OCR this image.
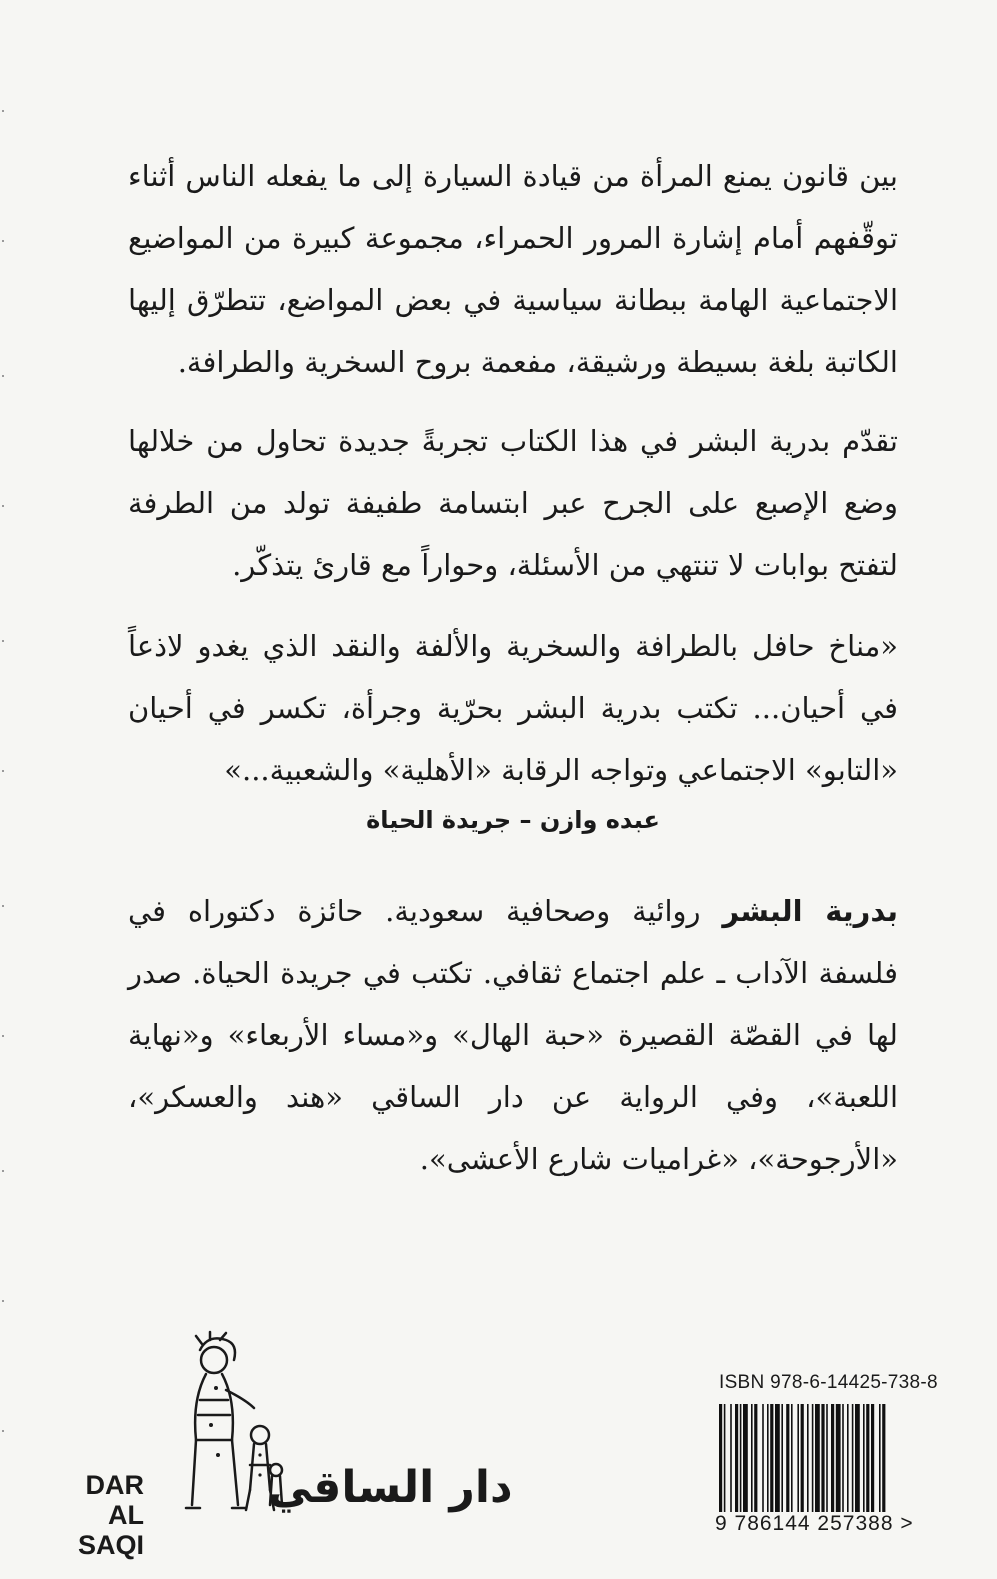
بين قانون يمنع المرأة من قيادة السيارة إلى ما يفعله الناس أثناء توقّفهم أمام إشارة المرور الحمراء، مجموعة كبيرة من المواضيع الاجتماعية الهامة ببطانة سياسية في بعض المواضع، تتطرّق إليها الكاتبة بلغة بسيطة ورشيقة، مفعمة بروح السخرية والطرافة.

تقدّم بدرية البشر في هذا الكتاب تجربةً جديدة تحاول من خلالها وضع الإصبع على الجرح عبر ابتسامة طفيفة تولد من الطرفة لتفتح بوابات لا تنتهي من الأسئلة، وحواراً مع قارئ يتذكّر.

«مناخ حافل بالطرافة والسخرية والألفة والنقد الذي يغدو لاذعاً في أحيان... تكتب بدرية البشر بحرّية وجرأة، تكسر في أحيان «التابو» الاجتماعي وتواجه الرقابة «الأهلية» والشعبية...»

عبده وازن – جريدة الحياة

بدرية البشر روائية وصحافية سعودية. حائزة دكتوراه في فلسفة الآداب ـ علم اجتماع ثقافي. تكتب في جريدة الحياة. صدر لها في القصّة القصيرة «حبة الهال» و«مساء الأربعاء» و«نهاية اللعبة»، وفي الرواية عن دار الساقي «هند والعسكر»، «الأرجوحة»، «غراميات شارع الأعشى».

DAR
AL SAQI
دار الساقي
ISBN 978-6-14425-738-8
9 786144 257388 >
